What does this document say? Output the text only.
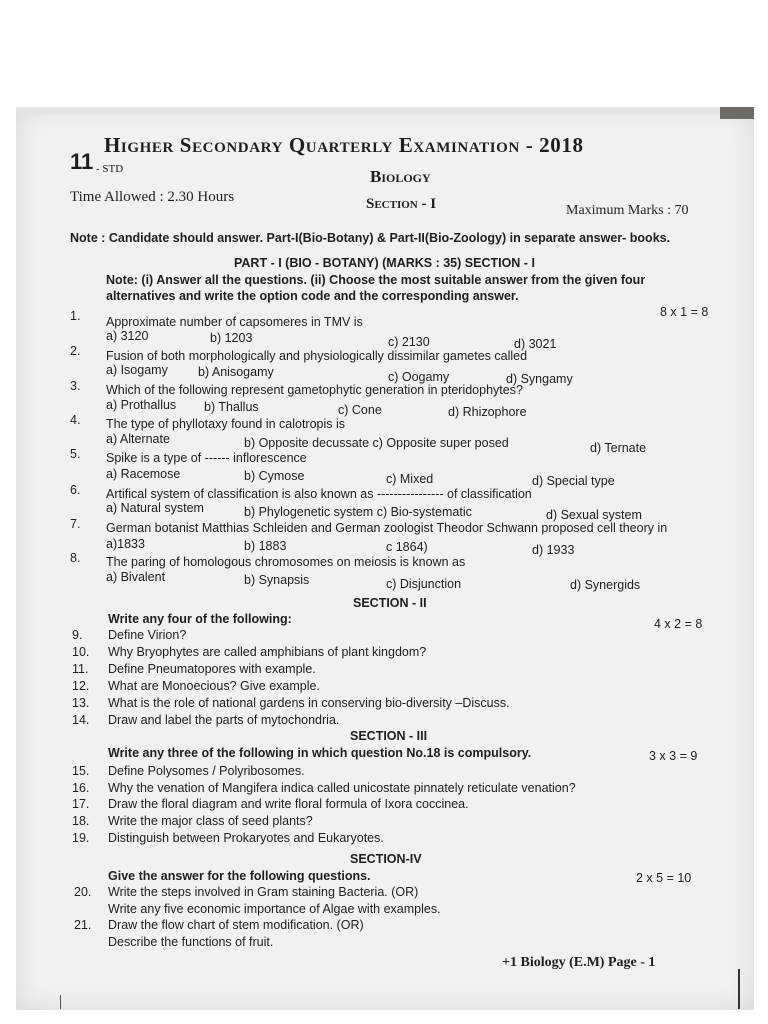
Higher Secondary Quarterly Examination - 2018
11 - STD	Biology
Time Allowed : 2.30 Hours	Section - I	Maximum Marks : 70
Note : Candidate should answer. Part-I(Bio-Botany) & Part-II(Bio-Zoology) in separate answer- books.
PART - I (BIO - BOTANY) (MARKS : 35) SECTION - I
Note: (i) Answer all the questions. (ii) Choose the most suitable answer from the given four
alternatives and write the option code and the corresponding answer.
8 x 1 = 8
1. Approximate number of capsomeres in TMV is
a) 3120	b) 1203	c) 2130	d) 3021
2. Fusion of both morphologically and physiologically dissimilar gametes called
a) Isogamy b) Anisogamy	c) Oogamy	d) Syngamy
3. Which of the following represent gametophytic generation in pteridophytes?
a) Prothallus b) Thallus	c) Cone	d) Rhizophore
4. The type of phyllotaxy found in calotropis is
a) Alternate	b) Opposite decussate c) Opposite super posed	d) Ternate
5. Spike is a type of ------ inflorescence
a) Racemose	b) Cymose	c) Mixed	d) Special type
6. Artifical system of classification is also known as ---------------- of classification
a) Natural system	b) Phylogenetic system c) Bio-systematic	d) Sexual system
7. German botanist Matthias Schleiden and German zoologist Theodor Schwann proposed cell theory in
a)1833	b) 1883	c 1864)	d) 1933
8. The paring of homologous chromosomes on meiosis is known as
a) Bivalent	b) Synapsis	c) Disjunction	d) Synergids
SECTION - II
Write any four of the following:	4 x 2 = 8
9. Define Virion?
10. Why Bryophytes are called amphibians of plant kingdom?
11. Define Pneumatopores with example.
12. What are Monoecious? Give example.
13. What is the role of national gardens in conserving bio-diversity –Discuss.
14. Draw and label the parts of mytochondria.
SECTION - III
Write any three of the following in which question No.18 is compulsory.	3 x 3 = 9
15. Define Polysomes / Polyribosomes.
16. Why the venation of Mangifera indica called unicostate pinnately reticulate venation?
17. Draw the floral diagram and write floral formula of Ixora coccinea.
18. Write the major class of seed plants?
19. Distinguish between Prokaryotes and Eukaryotes.
SECTION-IV
Give the answer for the following questions.	2 x 5 = 10
20. Write the steps involved in Gram staining Bacteria. (OR)
Write any five economic importance of Algae with examples.
21. Draw the flow chart of stem modification. (OR)
Describe the functions of fruit.
+1 Biology (E.M) Page - 1
